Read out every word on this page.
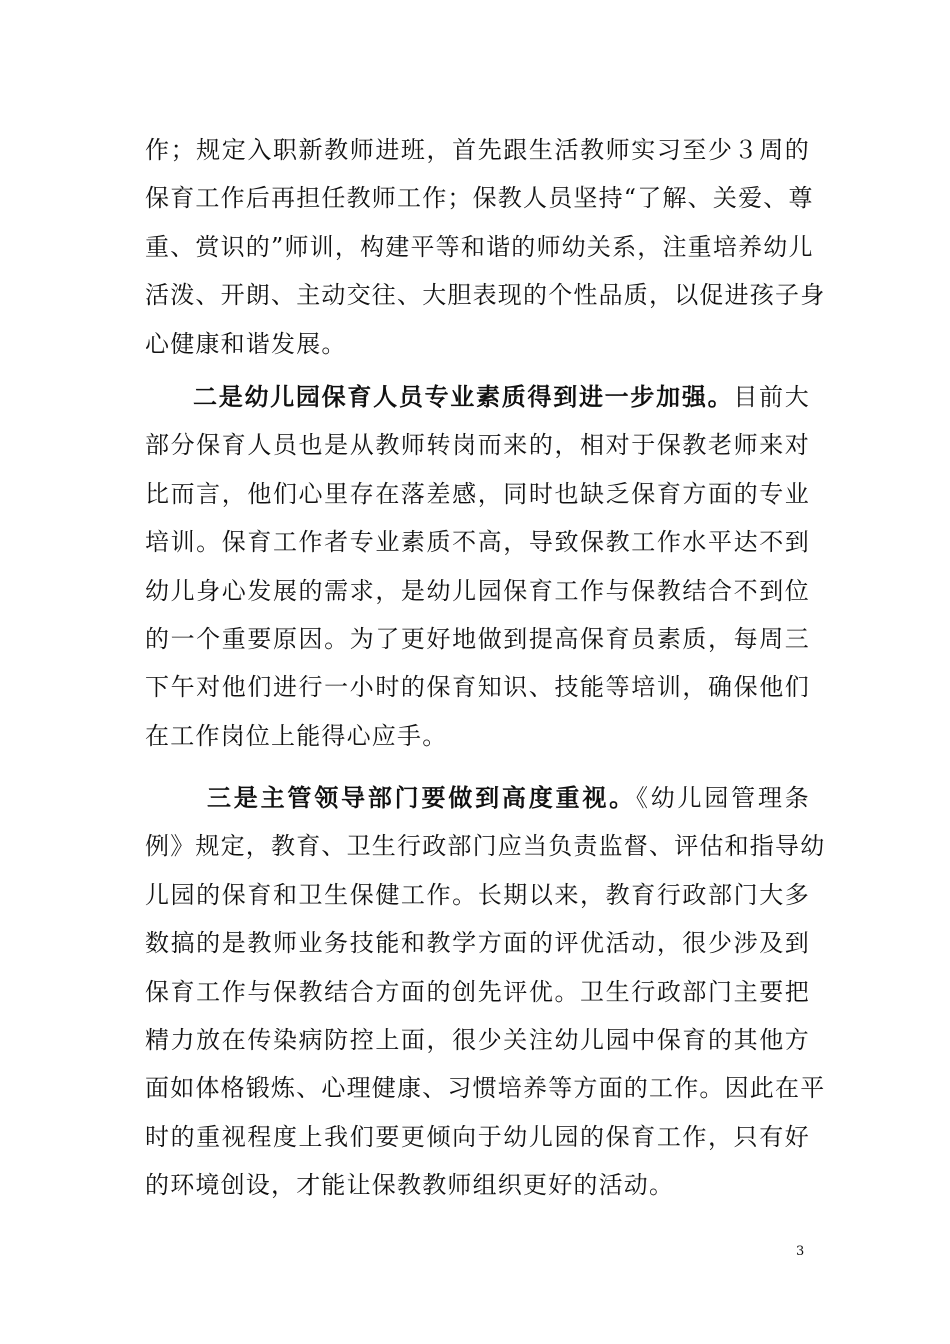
作；规定入职新教师进班，首先跟生活教师实习至少３周的
保育工作后再担任教师工作；保教人员坚持“了解、关爱、尊
重、赏识的”师训，构建平等和谐的师幼关系，注重培养幼儿
活泼、开朗、主动交往、大胆表现的个性品质，以促进孩子身
心健康和谐发展。
二是幼儿园保育人员专业素质得到进一步加强。目前大
部分保育人员也是从教师转岗而来的，相对于保教老师来对
比而言，他们心里存在落差感，同时也缺乏保育方面的专业
培训。保育工作者专业素质不高，导致保教工作水平达不到
幼儿身心发展的需求，是幼儿园保育工作与保教结合不到位
的一个重要原因。为了更好地做到提高保育员素质，每周三
下午对他们进行一小时的保育知识、技能等培训，确保他们
在工作岗位上能得心应手。
三是主管领导部门要做到高度重视。《幼儿园管理条
例》规定，教育、卫生行政部门应当负责监督、评估和指导幼
儿园的保育和卫生保健工作。长期以来，教育行政部门大多
数搞的是教师业务技能和教学方面的评优活动，很少涉及到
保育工作与保教结合方面的创先评优。卫生行政部门主要把
精力放在传染病防控上面，很少关注幼儿园中保育的其他方
面如体格锻炼、心理健康、习惯培养等方面的工作。因此在平
时的重视程度上我们要更倾向于幼儿园的保育工作，只有好
的环境创设，才能让保教教师组织更好的活动。
3
